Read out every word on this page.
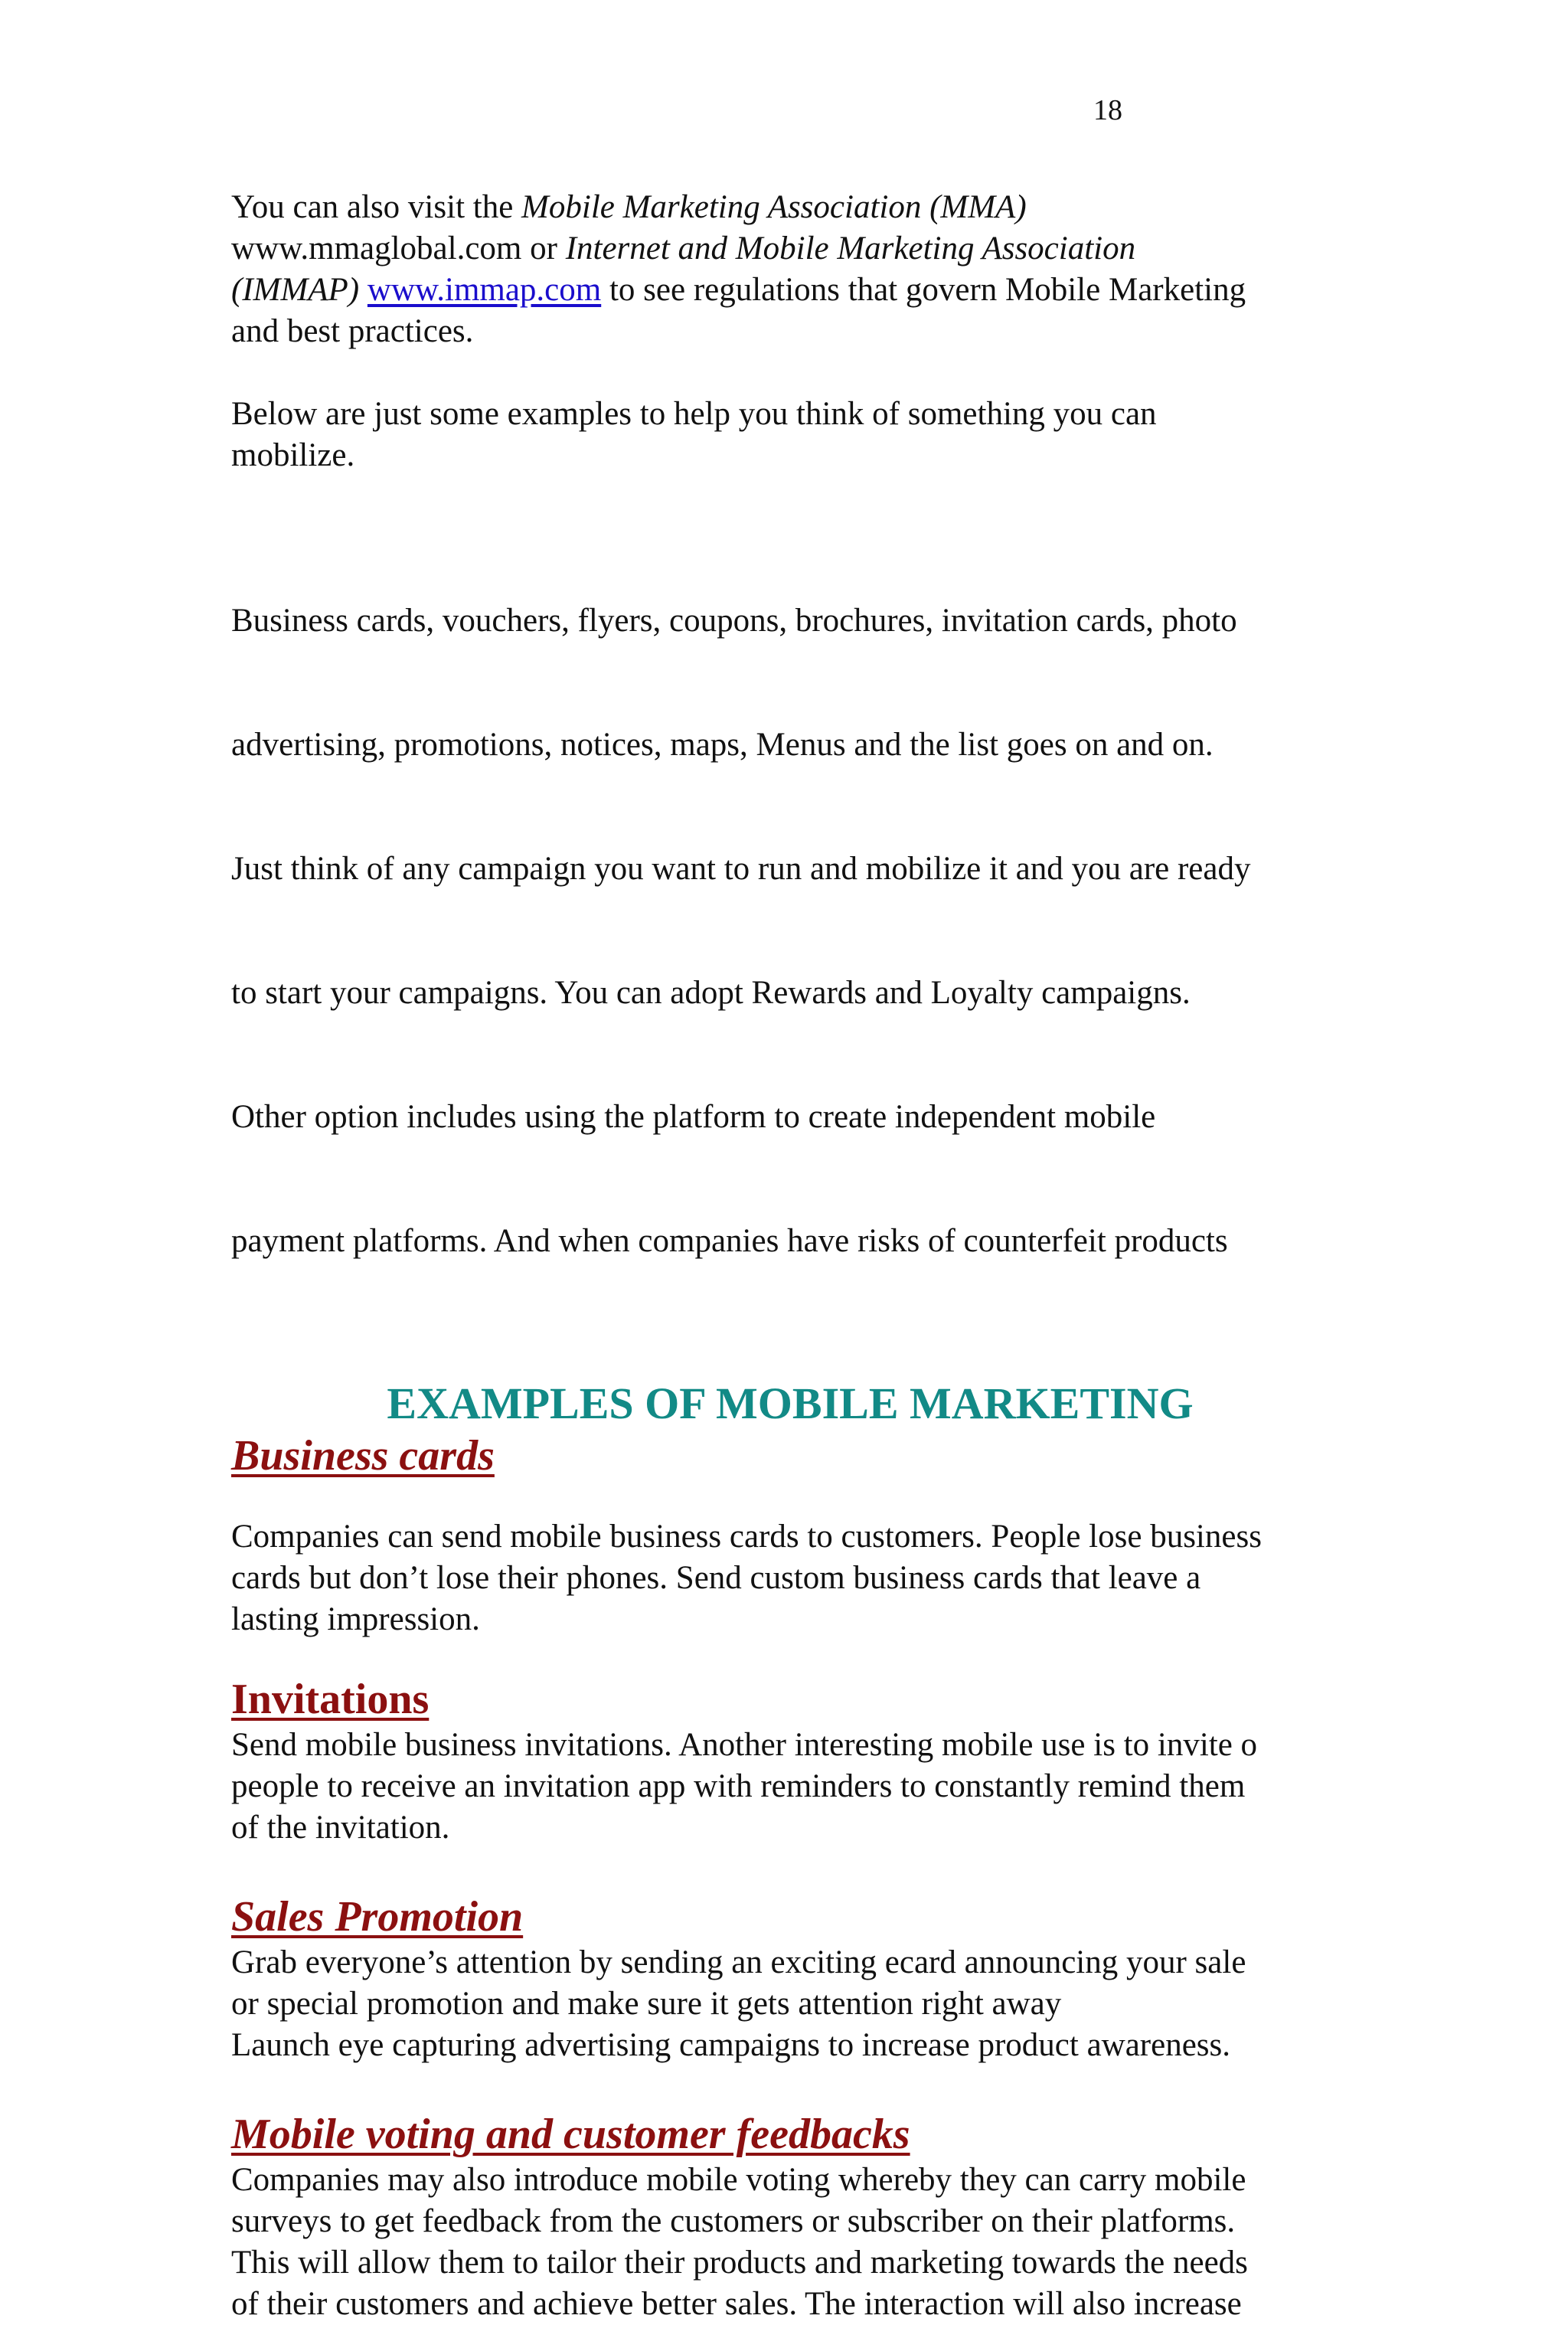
18

You can also visit the Mobile Marketing Association (MMA)
www.mmaglobal.com or Internet and Mobile Marketing Association
(IMMAP) www.immap.com to see regulations that govern Mobile Marketing
and best practices.

Below are just some examples to help you think of something you can
mobilize.

Business cards, vouchers, flyers, coupons, brochures, invitation cards, photo

advertising, promotions, notices, maps, Menus and the list goes on and on.

Just think of any campaign you want to run and mobilize it and you are ready

to start your campaigns. You can adopt Rewards and Loyalty campaigns.

Other option includes using the platform to create independent mobile

payment platforms. And when companies have risks of counterfeit products

EXAMPLES OF MOBILE MARKETING
Business cards

Companies can send mobile business cards to customers. People lose business
cards but don’t lose their phones. Send custom business cards that leave a
lasting impression.

Invitations

Send mobile business invitations. Another interesting mobile use is to invite o
people to receive an invitation app with reminders to constantly remind them
of the invitation.

Sales Promotion

Grab everyone’s attention by sending an exciting ecard announcing your sale
or special promotion and make sure it gets attention right away
Launch eye capturing advertising campaigns to increase product awareness.

Mobile voting and customer feedbacks

Companies may also introduce mobile voting whereby they can carry mobile
surveys to get feedback from the customers or subscriber on their platforms.
This will allow them to tailor their products and marketing towards the needs
of their customers and achieve better sales. The interaction will also increase
